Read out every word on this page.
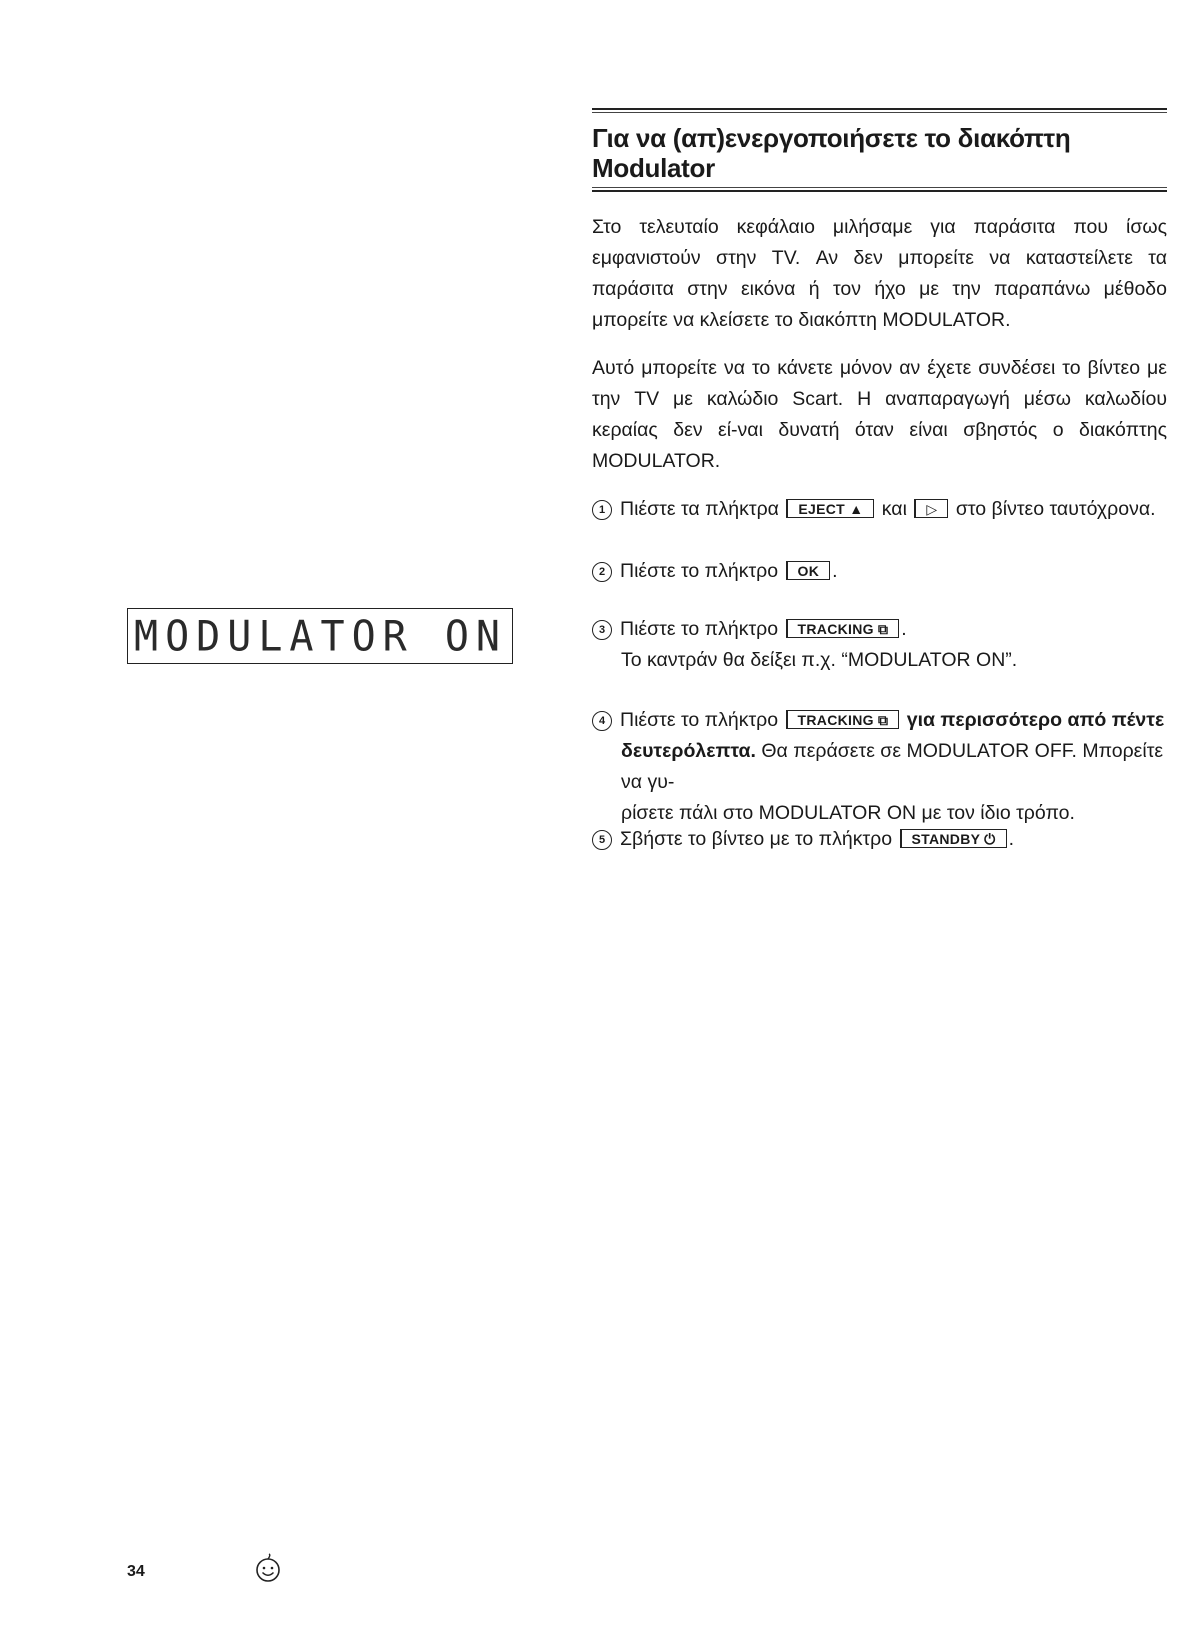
Για να (απ)ενεργοποιήσετε το διακόπτη Modulator

Στο τελευταίο κεφάλαιο μιλήσαμε για παράσιτα που ίσως εμφανιστούν στην TV. Αν δεν μπορείτε να καταστείλετε τα παράσιτα στην εικόνα ή τον ήχο με την παραπάνω μέθοδο μπορείτε να κλείσετε το διακόπτη MODULATOR.

Αυτό μπορείτε να το κάνετε μόνον αν έχετε συνδέσει το βίντεο με την TV με καλώδιο Scart. Η αναπαραγωγή μέσω καλωδίου κεραίας δεν εί-ναι δυνατή όταν είναι σβηστός ο διακόπτης MODULATOR.

MODULATOR ON
1 Πιέστε τα πλήκτρα EJECT ▲ και ▷ στο βίντεο ταυτόχρονα.
2 Πιέστε το πλήκτρο OK .
3 Πιέστε το πλήκτρο TRACKING ⧉ .
Το καντράν θα δείξει π.χ. “MODULATOR ON”.
4 Πιέστε το πλήκτρο TRACKING ⧉ για περισσότερο από πέντε
δευτερόλεπτα. Θα περάσετε σε MODULATOR OFF. Μπορείτε να γυ-
ρίσετε πάλι στο MODULATOR ON με τον ίδιο τρόπο.
5 Σβήστε το βίντεο με το πλήκτρο STANDBY ⏻ .
34
